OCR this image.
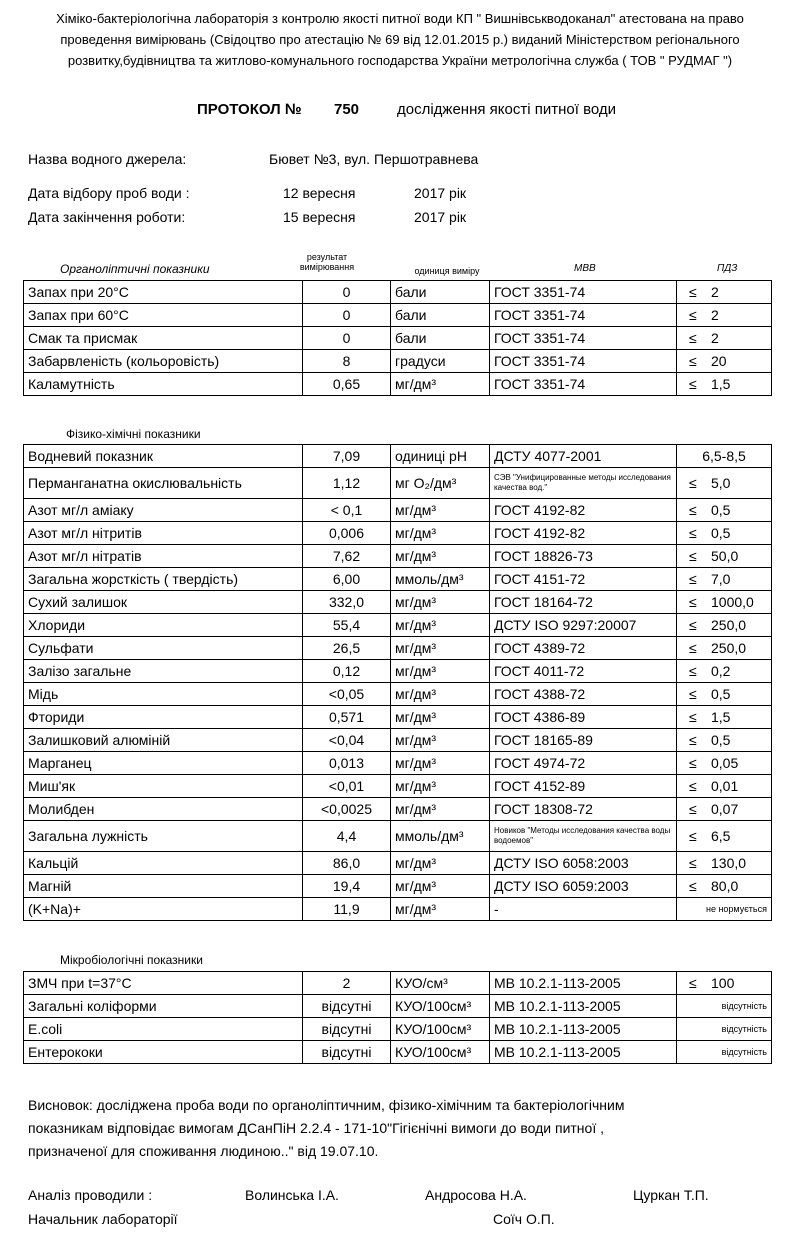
Хіміко-бактеріологічна лабораторія з контролю якості питної води КП " Вишнівськводоканал" атестована на право
проведення вимірювань (Свідоцтво про атестацію № 69 від 12.01.2015 р.) виданий Міністерством регіонального
розвитку,будівництва та житлово-комунального господарства України метрологічна служба ( ТОВ " РУДМАГ ")
ПРОТОКОЛ № 750	дослідження якості питної води
Назва водного джерела:	Бювет №3, вул. Першотравнева
Дата відбору проб води :	12 вересня	2017 рік
Дата закінчення роботи:	15 вересня	2017 рік
Органоліптичні показники
результат
вимірювання	одиниця виміру	МВВ	ПДЗ
Запах при 20°С	0	бали	ГОСТ 3351-74	≤ 2
Запах при 60°С	0	бали	ГОСТ 3351-74	≤ 2
Смак та присмак	0	бали	ГОСТ 3351-74	≤ 2
Забарвленість (кольоровість)	8	градуси	ГОСТ 3351-74	≤ 20
Каламутність	0,65	мг/дм³	ГОСТ 3351-74	≤ 1,5
Фізико-хімічні показники
Водневий показник	7,09	одиниці рН	ДСТУ 4077-2001	6,5-8,5
Перманганатна окислювальність	1,12	мг О₂/дм³	СЭВ "Унифицированные методы исследования качества вод."	≤ 5,0
Азот мг/л аміаку	< 0,1	мг/дм³	ГОСТ 4192-82	≤ 0,5
Азот мг/л нітритів	0,006	мг/дм³	ГОСТ 4192-82	≤ 0,5
Азот мг/л нітратів	7,62	мг/дм³	ГОСТ 18826-73	≤ 50,0
Загальна жорсткість ( твердість)	6,00	ммоль/дм³	ГОСТ 4151-72	≤ 7,0
Сухий залишок	332,0	мг/дм³	ГОСТ 18164-72	≤ 1000,0
Хлориди	55,4	мг/дм³	ДСТУ ISO 9297:20007	≤ 250,0
Сульфати	26,5	мг/дм³	ГОСТ 4389-72	≤ 250,0
Залізо загальне	0,12	мг/дм³	ГОСТ 4011-72	≤ 0,2
Мідь	<0,05	мг/дм³	ГОСТ 4388-72	≤ 0,5
Фториди	0,571	мг/дм³	ГОСТ 4386-89	≤ 1,5
Залишковий алюміній	<0,04	мг/дм³	ГОСТ 18165-89	≤ 0,5
Марганец	0,013	мг/дм³	ГОСТ 4974-72	≤ 0,05
Миш'як	<0,01	мг/дм³	ГОСТ 4152-89	≤ 0,01
Молибден	<0,0025	мг/дм³	ГОСТ 18308-72	≤ 0,07
Загальна лужність	4,4	ммоль/дм³	Новиков "Методы исследования качества воды водоемов"	≤ 6,5
Кальцій	86,0	мг/дм³	ДСТУ ISO 6058:2003	≤ 130,0
Магній	19,4	мг/дм³	ДСТУ ISO 6059:2003	≤ 80,0
(K+Na)+	11,9	мг/дм³	-	не нормується
Мікробіологічні показники
ЗМЧ при t=37°С	2	КУО/см³	МВ 10.2.1-113-2005	≤ 100
Загальні коліформи	відсутні	КУО/100см³	МВ 10.2.1-113-2005	відсутність
E.coli	відсутні	КУО/100см³	МВ 10.2.1-113-2005	відсутність
Ентерококи	відсутні	КУО/100см³	МВ 10.2.1-113-2005	відсутність
Висновок: досліджена проба води по органоліптичним, фізико-хімічним та бактеріологічним
показникам відповідає вимогам ДСанПіН 2.2.4 - 171-10"Гігієнічні вимоги до води питної ,
призначеної для споживання людиною.." від 19.07.10.
Аналіз проводили :	Волинська І.А.	Андросова Н.А.	Цуркан Т.П.
Начальник лабораторії	Соїч О.П.
